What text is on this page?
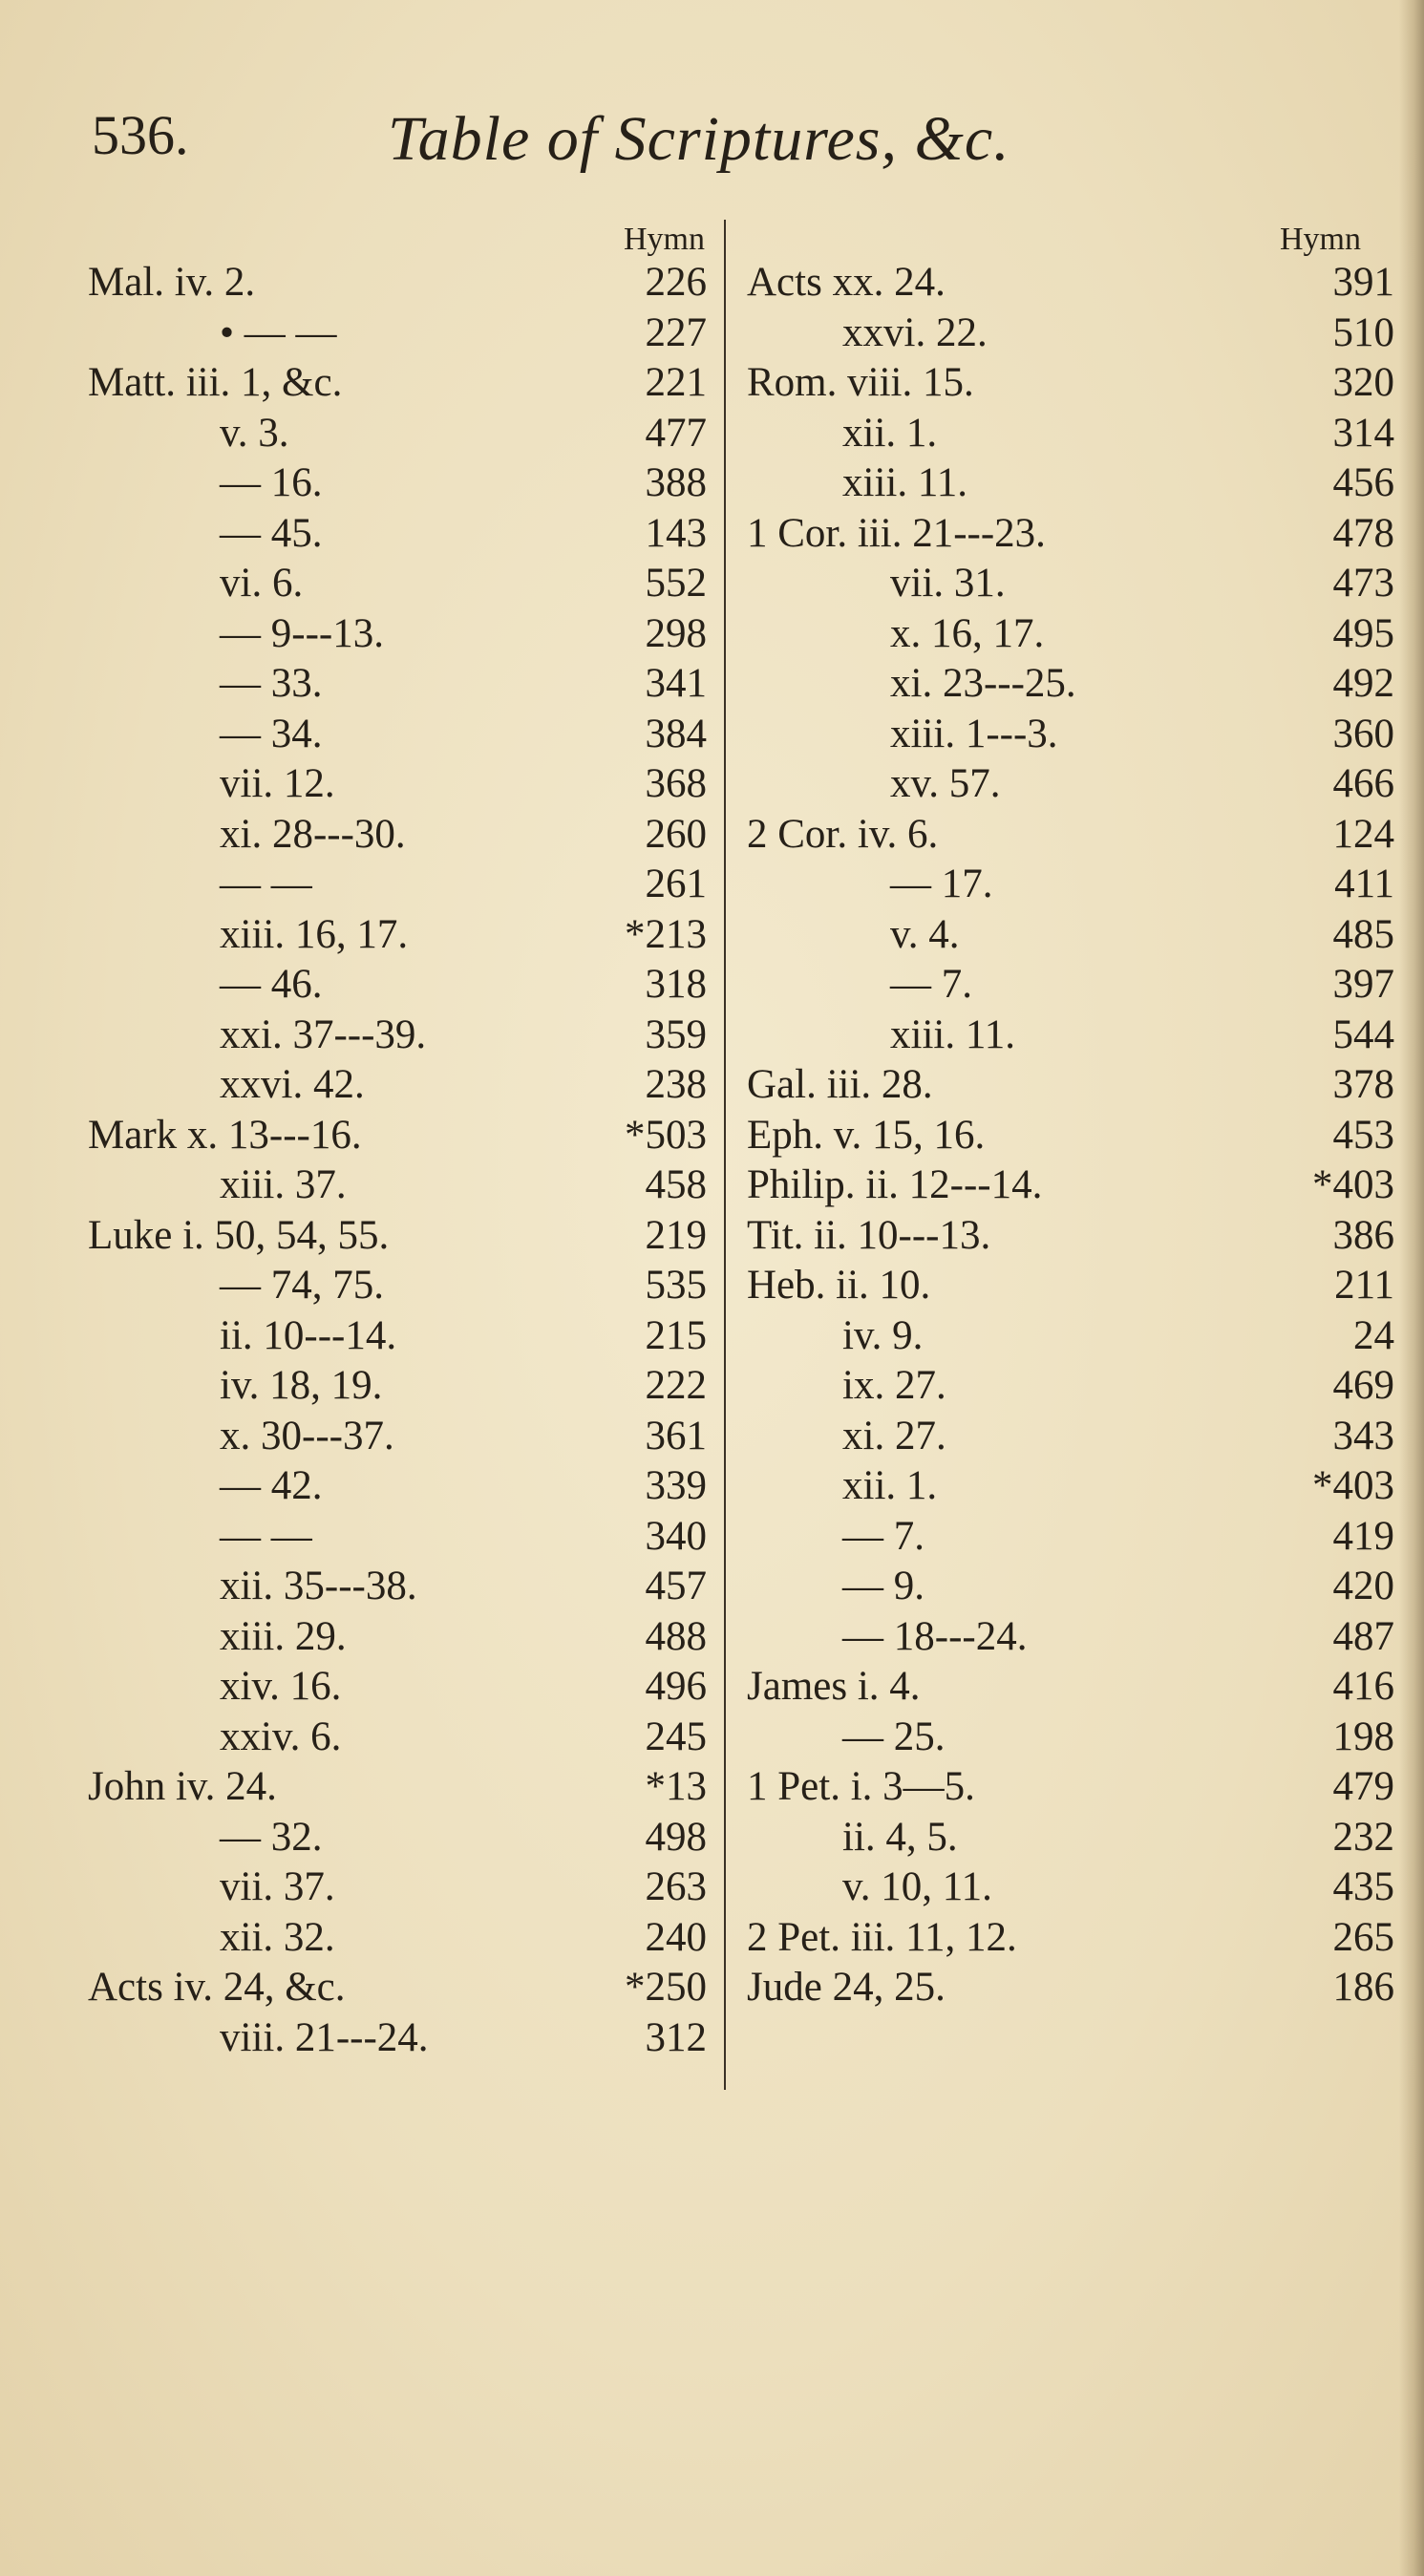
536.	Table of Scriptures, &c.
Hymn	Hymn
Mal. iv. 2.	226
• — —	227
Matt. iii. 1, &c.	221
v. 3.	477
— 16.	388
— 45.	143
vi. 6.	552
— 9---13.	298
— 33.	341
— 34.	384
vii. 12.	368
xi. 28---30.	260
— —	261
xiii. 16, 17.	*213
— 46.	318
xxi. 37---39.	359
xxvi. 42.	238
Mark x. 13---16.	*503
xiii. 37.	458
Luke i. 50, 54, 55.	219
— 74, 75.	535
ii. 10---14.	215
iv. 18, 19.	222
x. 30---37.	361
— 42.	339
— —	340
xii. 35---38.	457
xiii. 29.	488
xiv. 16.	496
xxiv. 6.	245
John iv. 24.	*13
— 32.	498
vii. 37.	263
xii. 32.	240
Acts iv. 24, &c.	*250
viii. 21---24.	312
Acts xx. 24.	391
xxvi. 22.	510
Rom. viii. 15.	320
xii. 1.	314
xiii. 11.	456
1 Cor. iii. 21---23.	478
vii. 31.	473
x. 16, 17.	495
xi. 23---25.	492
xiii. 1---3.	360
xv. 57.	466
2 Cor. iv. 6.	124
— 17.	411
v. 4.	485
— 7.	397
xiii. 11.	544
Gal. iii. 28.	378
Eph. v. 15, 16.	453
Philip. ii. 12---14.	*403
Tit. ii. 10---13.	386
Heb. ii. 10.	211
iv. 9.	24
ix. 27.	469
xi. 27.	343
xii. 1.	*403
— 7.	419
— 9.	420
— 18---24.	487
James i. 4.	416
— 25.	198
1 Pet. i. 3—5.	479
ii. 4, 5.	232
v. 10, 11.	435
2 Pet. iii. 11, 12.	265
Jude 24, 25.	186
